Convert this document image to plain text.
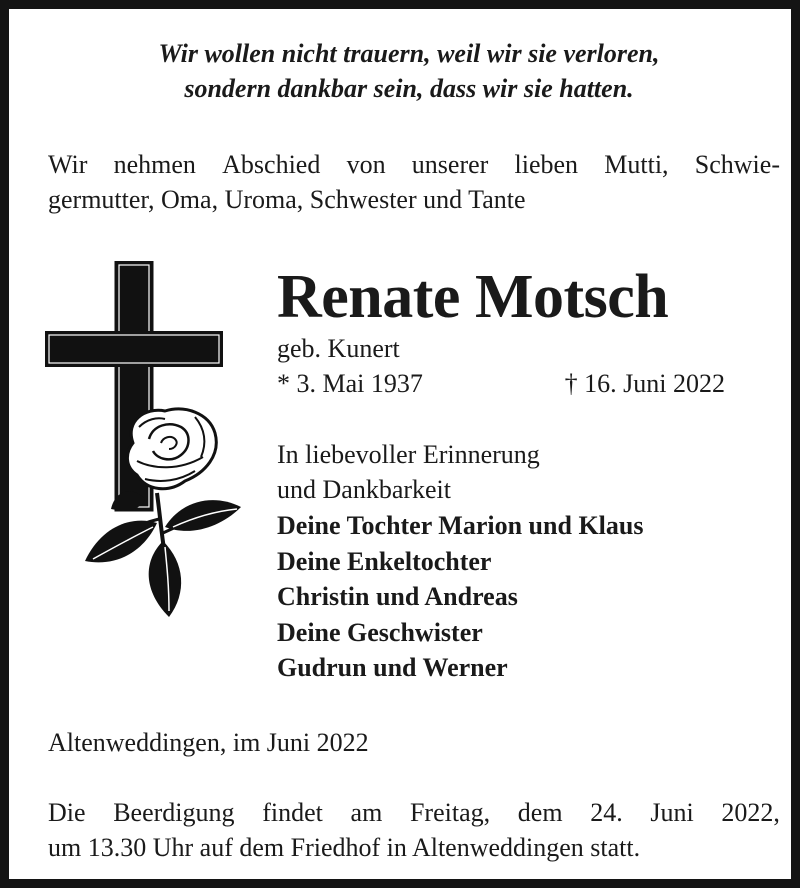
Wir wollen nicht trauern, weil wir sie verloren,
sondern dankbar sein, dass wir sie hatten.
Wir nehmen Abschied von unserer lieben Mutti, Schwie-
germutter, Oma, Uroma, Schwester und Tante
Renate Motsch
geb. Kunert
* 3. Mai 1937	† 16. Juni 2022
In liebevoller Erinnerung
und Dankbarkeit
Deine Tochter Marion und Klaus
Deine Enkeltochter
Christin und Andreas
Deine Geschwister
Gudrun und Werner
Altenweddingen, im Juni 2022
Die Beerdigung findet am Freitag, dem 24. Juni 2022,
um 13.30 Uhr auf dem Friedhof in Altenweddingen statt.
